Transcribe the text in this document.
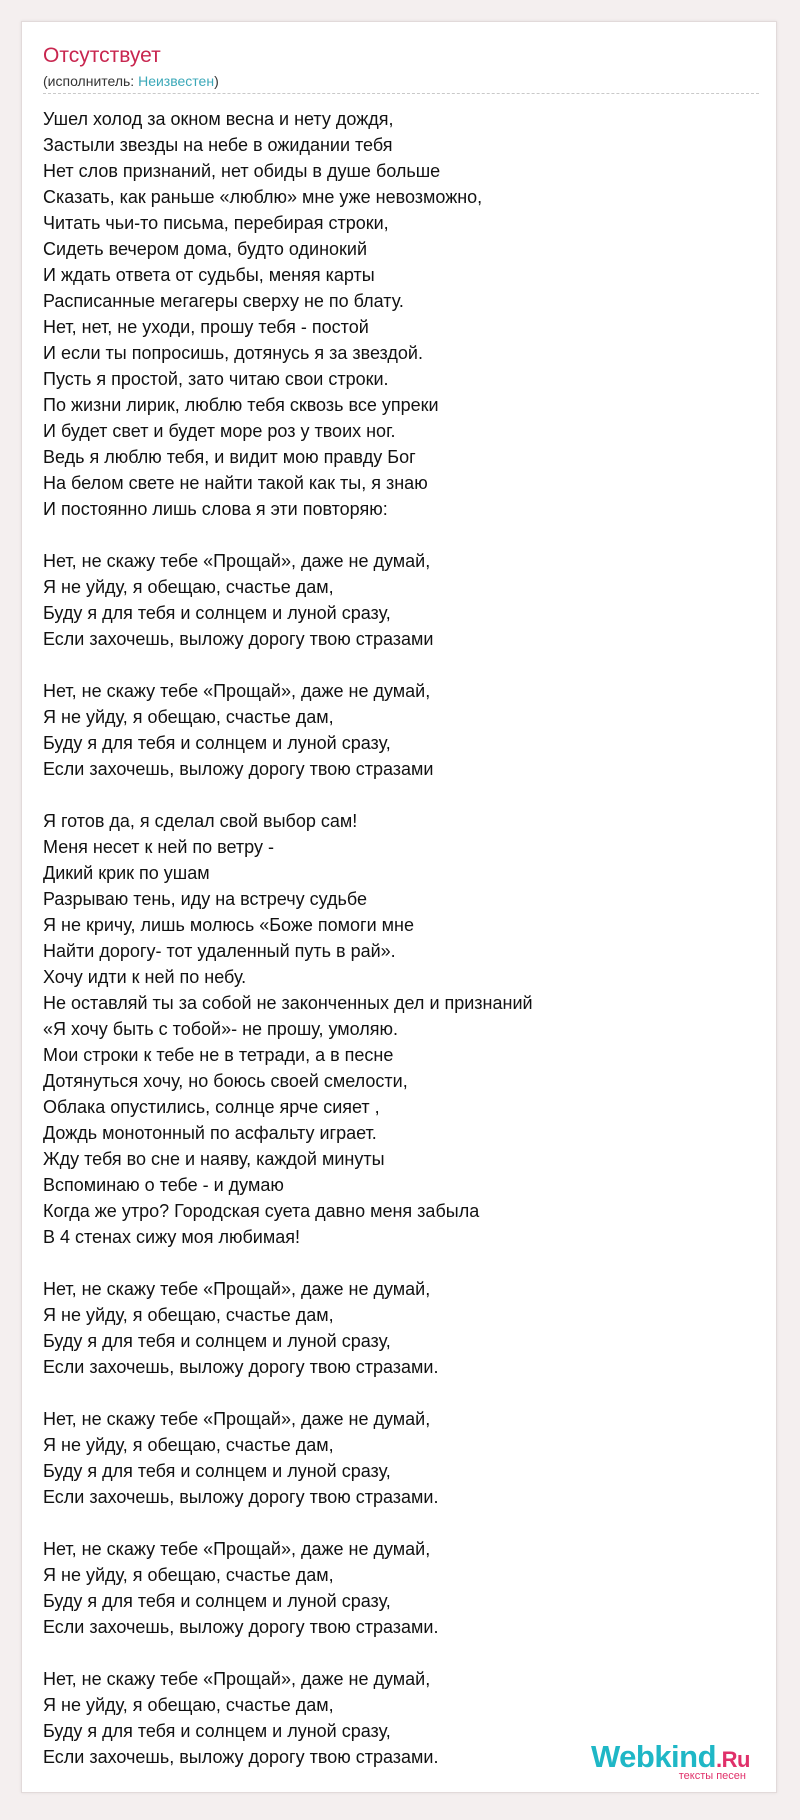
Отсутствует
(исполнитель: Неизвестен)
Ушел холод за окном весна и нету дождя,
Застыли звезды на небе в ожидании тебя
Нет слов признаний, нет обиды в душе больше
Сказать, как раньше «люблю» мне уже невозможно,
Читать чьи-то письма, перебирая строки,
Сидеть вечером дома, будто одинокий
И ждать ответа от судьбы, меняя карты
Расписанные мегагеры сверху не по блату.
Нет, нет, не уходи, прошу тебя - постой
И если ты попросишь, дотянусь я за звездой.
Пусть я простой, зато читаю свои строки.
По жизни лирик, люблю тебя сквозь все упреки
И будет свет и будет море роз у твоих ног.
Ведь я люблю тебя, и видит мою правду Бог
На белом свете не найти такой как ты, я знаю
И постоянно лишь слова я эти повторяю:
Нет, не скажу тебе «Прощай», даже не думай,
Я не уйду, я обещаю, счастье дам,
Буду я для тебя и солнцем и луной сразу,
Если захочешь, выложу дорогу твою стразами
Нет, не скажу тебе «Прощай», даже не думай,
Я не уйду, я обещаю, счастье дам,
Буду я для тебя и солнцем и луной сразу,
Если захочешь, выложу дорогу твою стразами
Я готов да, я сделал свой выбор сам!
Меня несет к ней по ветру -
Дикий крик по ушам
Разрываю тень, иду на встречу судьбе
Я не кричу, лишь молюсь «Боже помоги мне
Найти дорогу- тот удаленный путь в рай».
Хочу идти к ней по небу.
Не оставляй ты за собой не законченных дел и признаний
«Я хочу быть с тобой»- не прошу, умоляю.
Мои строки к тебе не в тетради, а в песне
Дотянуться хочу, но боюсь своей смелости,
Облака опустились, солнце ярче сияет ,
Дождь монотонный по асфальту играет.
Жду тебя во сне и наяву, каждой минуты
Вспоминаю о тебе - и думаю
Когда же утро? Городская суета давно меня забыла
В 4 стенах сижу моя любимая!
Нет, не скажу тебе «Прощай», даже не думай,
Я не уйду, я обещаю, счастье дам,
Буду я для тебя и солнцем и луной сразу,
Если захочешь, выложу дорогу твою стразами.
Нет, не скажу тебе «Прощай», даже не думай,
Я не уйду, я обещаю, счастье дам,
Буду я для тебя и солнцем и луной сразу,
Если захочешь, выложу дорогу твою стразами.
Нет, не скажу тебе «Прощай», даже не думай,
Я не уйду, я обещаю, счастье дам,
Буду я для тебя и солнцем и луной сразу,
Если захочешь, выложу дорогу твою стразами.
Нет, не скажу тебе «Прощай», даже не думай,
Я не уйду, я обещаю, счастье дам,
Буду я для тебя и солнцем и луной сразу,
Если захочешь, выложу дорогу твою стразами.	Webkind.Ru
тексты песен
